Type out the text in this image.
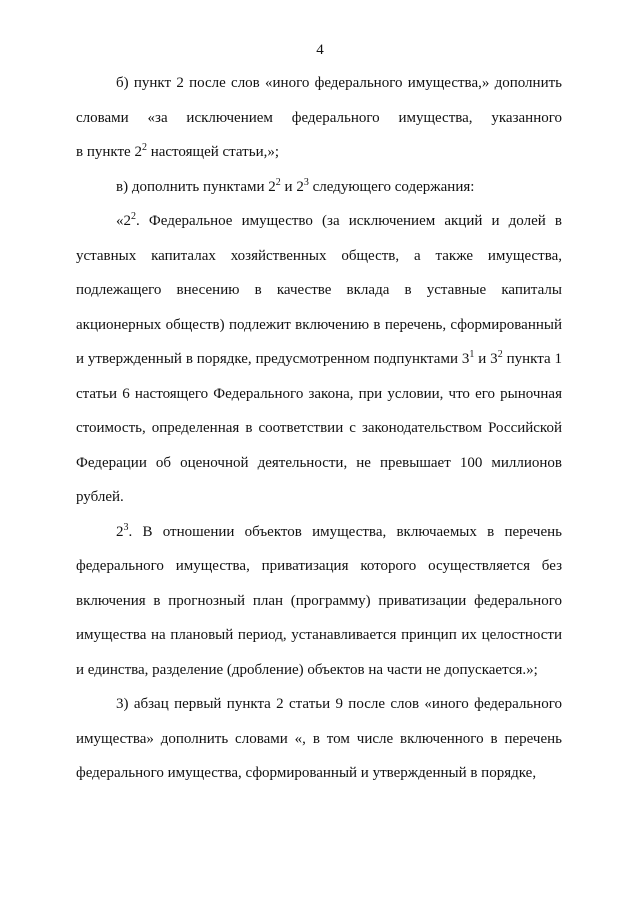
4
б) пункт 2 после слов «иного федерального имущества,» дополнить
словами «за исключением федерального имущества, указанного
в пункте $2^2$ настоящей статьи,»;
в) дополнить пунктами $2^2$ и $2^3$ следующего содержания:
«$2^2$. Федеральное имущество (за исключением акций и долей в
уставных капиталах хозяйственных обществ, а также имущества,
подлежащего внесению в качестве вклада в уставные капиталы
акционерных обществ) подлежит включению в перечень, сформированный
и утвержденный в порядке, предусмотренном подпунктами $3^1$ и $3^2$ пункта 1
статьи 6 настоящего Федерального закона, при условии, что его рыночная
стоимость, определенная в соответствии с законодательством Российской
Федерации об оценочной деятельности, не превышает 100 миллионов
рублей.
$2^3$. В отношении объектов имущества, включаемых в перечень
федерального имущества, приватизация которого осуществляется без
включения в прогнозный план (программу) приватизации федерального
имущества на плановый период, устанавливается принцип их целостности
и единства, разделение (дробление) объектов на части не допускается.»;
3) абзац первый пункта 2 статьи 9 после слов «иного федерального
имущества» дополнить словами «, в том числе включенного в перечень
федерального имущества, сформированный и утвержденный в порядке,
